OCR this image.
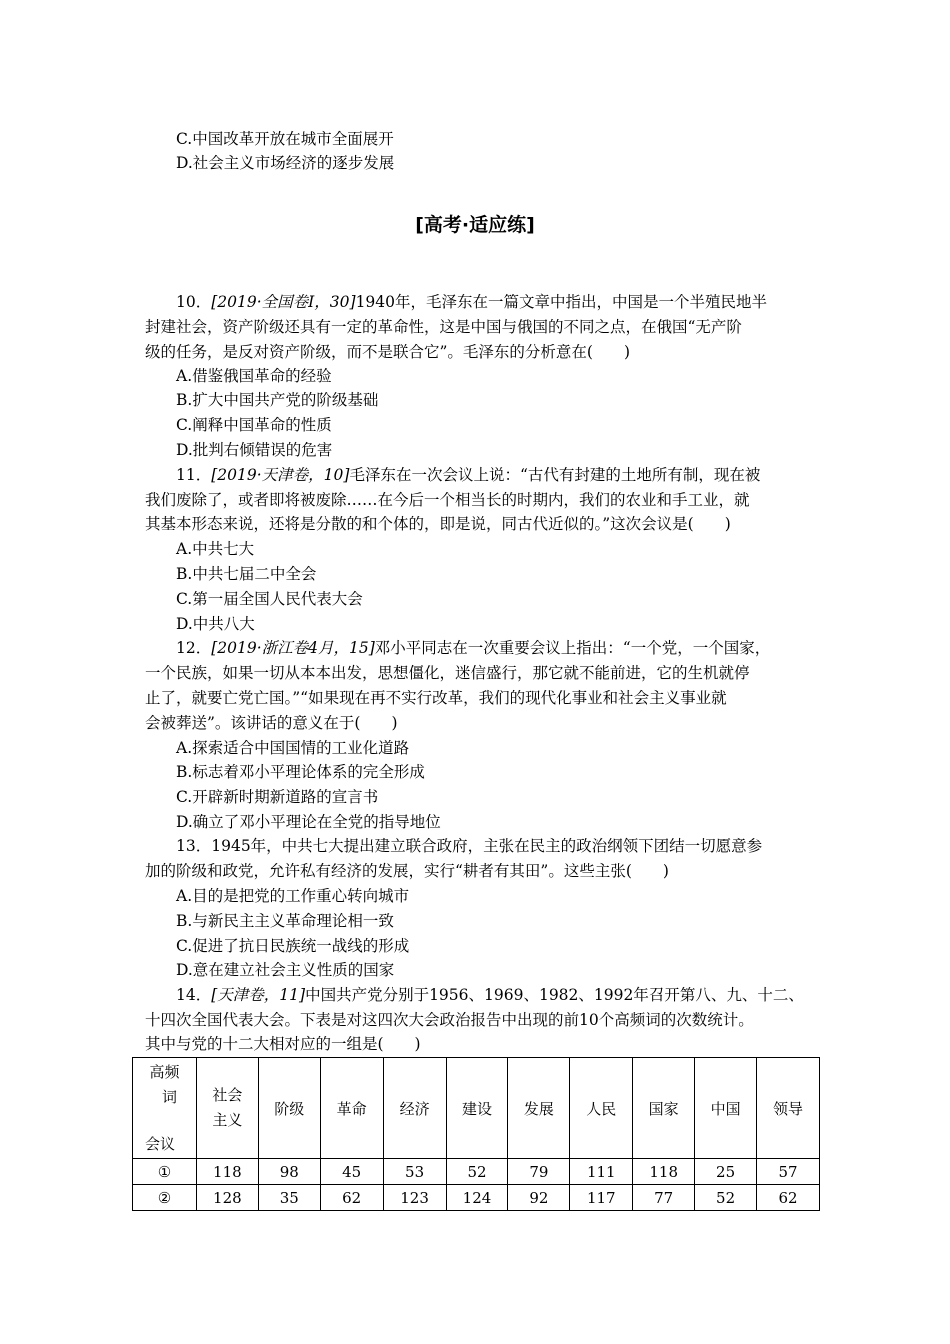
C.中国改革开放在城市全面展开
D.社会主义市场经济的逐步发展
[高考·适应练]
10．[2019·全国卷Ⅰ，30]1940年，毛泽东在一篇文章中指出，中国是一个半殖民地半
封建社会，资产阶级还具有一定的革命性，这是中国与俄国的不同之点，在俄国“无产阶
级的任务，是反对资产阶级，而不是联合它”。毛泽东的分析意在(　　)
A.借鉴俄国革命的经验
B.扩大中国共产党的阶级基础
C.阐释中国革命的性质
D.批判右倾错误的危害
11．[2019·天津卷，10]毛泽东在一次会议上说：“古代有封建的土地所有制，现在被
我们废除了，或者即将被废除……在今后一个相当长的时期内，我们的农业和手工业，就
其基本形态来说，还将是分散的和个体的，即是说，同古代近似的。”这次会议是(　　)
A.中共七大
B.中共七届二中全会
C.第一届全国人民代表大会
D.中共八大
12．[2019·浙江卷4月，15]邓小平同志在一次重要会议上指出：“一个党，一个国家，
一个民族，如果一切从本本出发，思想僵化，迷信盛行，那它就不能前进，它的生机就停
止了，就要亡党亡国。”“如果现在再不实行改革，我们的现代化事业和社会主义事业就
会被葬送”。该讲话的意义在于(　　)
A.探索适合中国国情的工业化道路
B.标志着邓小平理论体系的完全形成
C.开辟新时期新道路的宣言书
D.确立了邓小平理论在全党的指导地位
13．1945年，中共七大提出建立联合政府，主张在民主的政治纲领下团结一切愿意参
加的阶级和政党，允许私有经济的发展，实行“耕者有其田”。这些主张(　　)
A.目的是把党的工作重心转向城市
B.与新民主主义革命理论相一致
C.促进了抗日民族统一战线的形成
D.意在建立社会主义性质的国家
14．[天津卷，11]中国共产党分别于1956、1969、1982、1992年召开第八、九、十二、
十四次全国代表大会。下表是对这四次大会政治报告中出现的前10个高频词的次数统计。
其中与党的十二大相对应的一组是(　　)
高频
词
会议	社会主义	阶级	革命	经济	建设	发展	人民	国家	中国	领导
①	118	98	45	53	52	79	111	118	25	57
②	128	35	62	123	124	92	117	77	52	62
